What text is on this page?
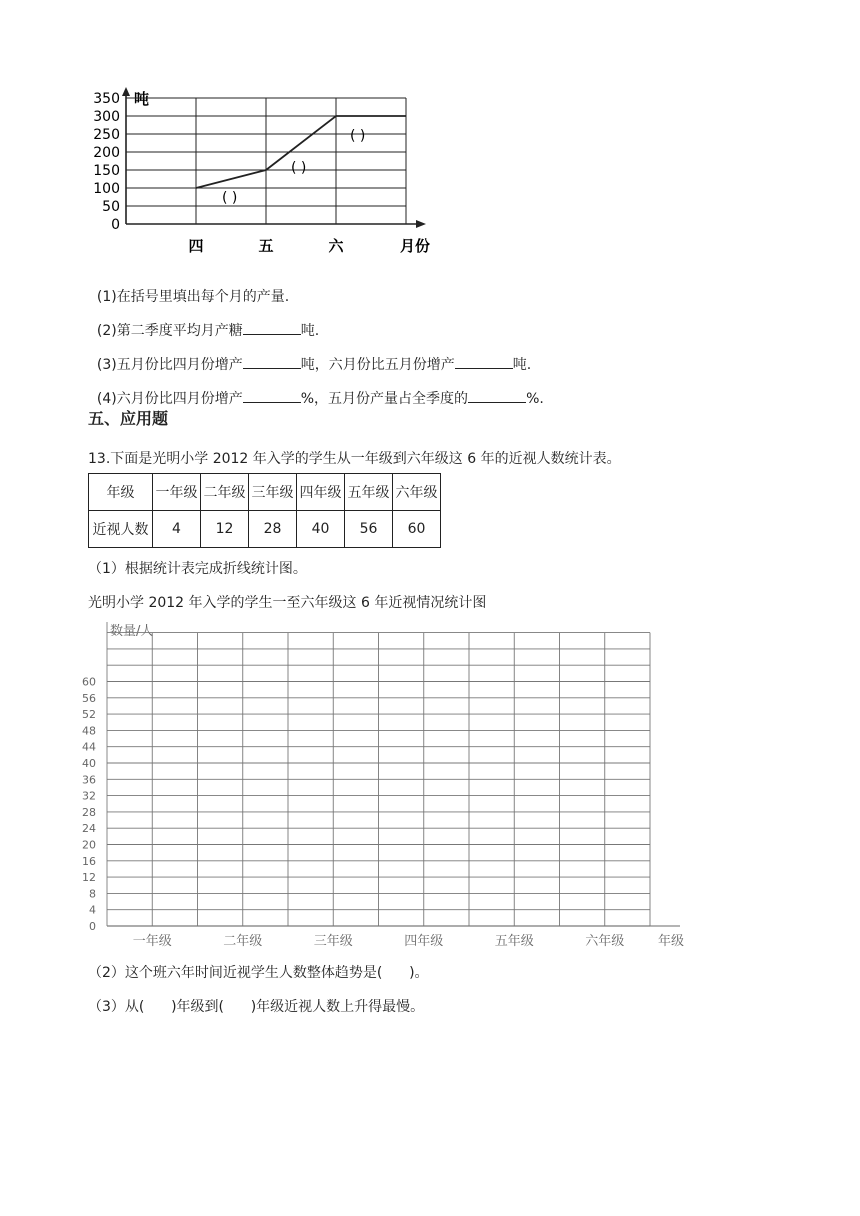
吨
350
300
250
200
150
100
50
0
四	五	六
( )
( )
( )
月份

(1)在括号里填出每个月的产量.

(2)第二季度平均月产糖	吨.

(3)五月份比四月份增产	吨，六月份比五月份增产	吨.

(4)六月份比四月份增产	%，五月份产量占全季度的	%.

五、应用题
13.下面是光明小学 2012 年入学的学生从一年级到六年级这 6 年的近视人数统计表。
年级	一年级	二年级	三年级	四年级	五年级	六年级
近视人数	4	12	28	40	56	60
（1）根据统计表完成折线统计图。
光明小学 2012 年入学的学生一至六年级这 6 年近视情况统计图
数量/人
60
56
52
48
44
40
36
32
28
24
20
16
12
8
4
0
一年级	二年级	三年级	四年级	五年级	六年级	年级
（2）这个班六年时间近视学生人数整体趋势是(      )。
（3）从(      )年级到(      )年级近视人数上升得最慢。
